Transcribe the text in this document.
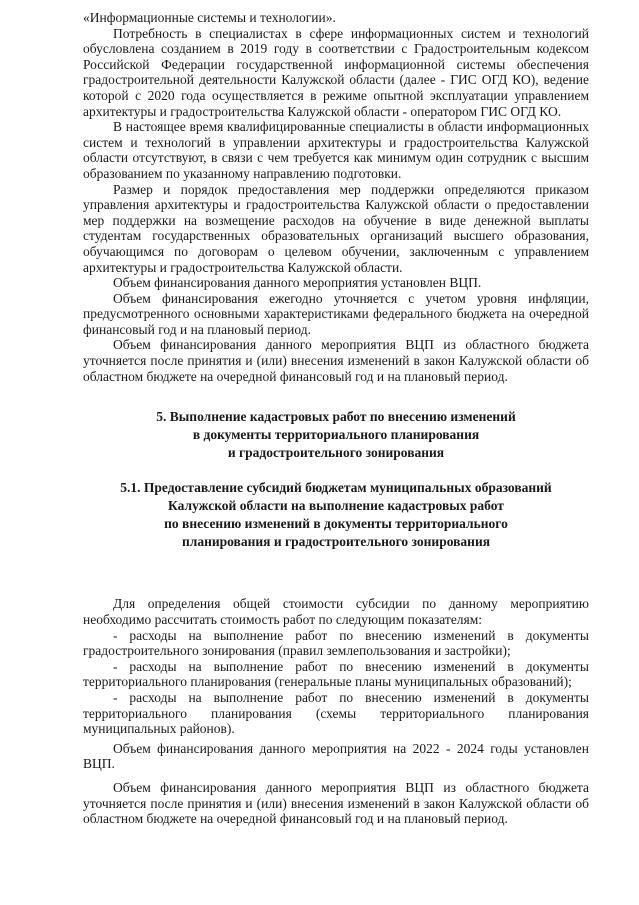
«Информационные системы и технологии».

Потребность в специалистах в сфере информационных систем и технологий обусловлена созданием в 2019 году в соответствии с Градостроительным кодексом Российской Федерации государственной информационной системы обеспечения градостроительной деятельности Калужской области (далее - ГИС ОГД КО), ведение которой с 2020 года осуществляется в режиме опытной эксплуатации управлением архитектуры и градостроительства Калужской области - оператором ГИС ОГД КО.

В настоящее время квалифицированные специалисты в области информационных систем и технологий в управлении архитектуры и градостроительства Калужской области отсутствуют, в связи с чем требуется как минимум один сотрудник с высшим образованием по указанному направлению подготовки.

Размер и порядок предоставления мер поддержки определяются приказом управления архитектуры и градостроительства Калужской области о предоставлении мер поддержки на возмещение расходов на обучение в виде денежной выплаты студентам государственных образовательных организаций высшего образования, обучающимся по договорам о целевом обучении, заключенным с управлением архитектуры и градостроительства Калужской области.

Объем финансирования данного мероприятия установлен ВЦП.

Объем финансирования ежегодно уточняется с учетом уровня инфляции, предусмотренного основными характеристиками федерального бюджета на очередной финансовый год и на плановый период.

Объем финансирования данного мероприятия ВЦП из областного бюджета уточняется после принятия и (или) внесения изменений в закон Калужской области об областном бюджете на очередной финансовый год и на плановый период.

5. Выполнение кадастровых работ по внесению изменений
в документы территориального планирования
и градостроительного зонирования
5.1. Предоставление субсидий бюджетам муниципальных образований
Калужской области на выполнение кадастровых работ
по внесению изменений в документы территориального
планирования и градостроительного зонирования

Для определения общей стоимости субсидии по данному мероприятию необходимо рассчитать стоимость работ по следующим показателям:

- расходы на выполнение работ по внесению изменений в документы градостроительного зонирования (правил землепользования и застройки);

- расходы на выполнение работ по внесению изменений в документы территориального планирования (генеральные планы муниципальных образований);

- расходы на выполнение работ по внесению изменений в документы территориального планирования (схемы территориального планирования муниципальных районов).

Объем финансирования данного мероприятия на 2022 - 2024 годы установлен ВЦП.

Объем финансирования данного мероприятия ВЦП из областного бюджета уточняется после принятия и (или) внесения изменений в закон Калужской области об областном бюджете на очередной финансовый год и на плановый период.
